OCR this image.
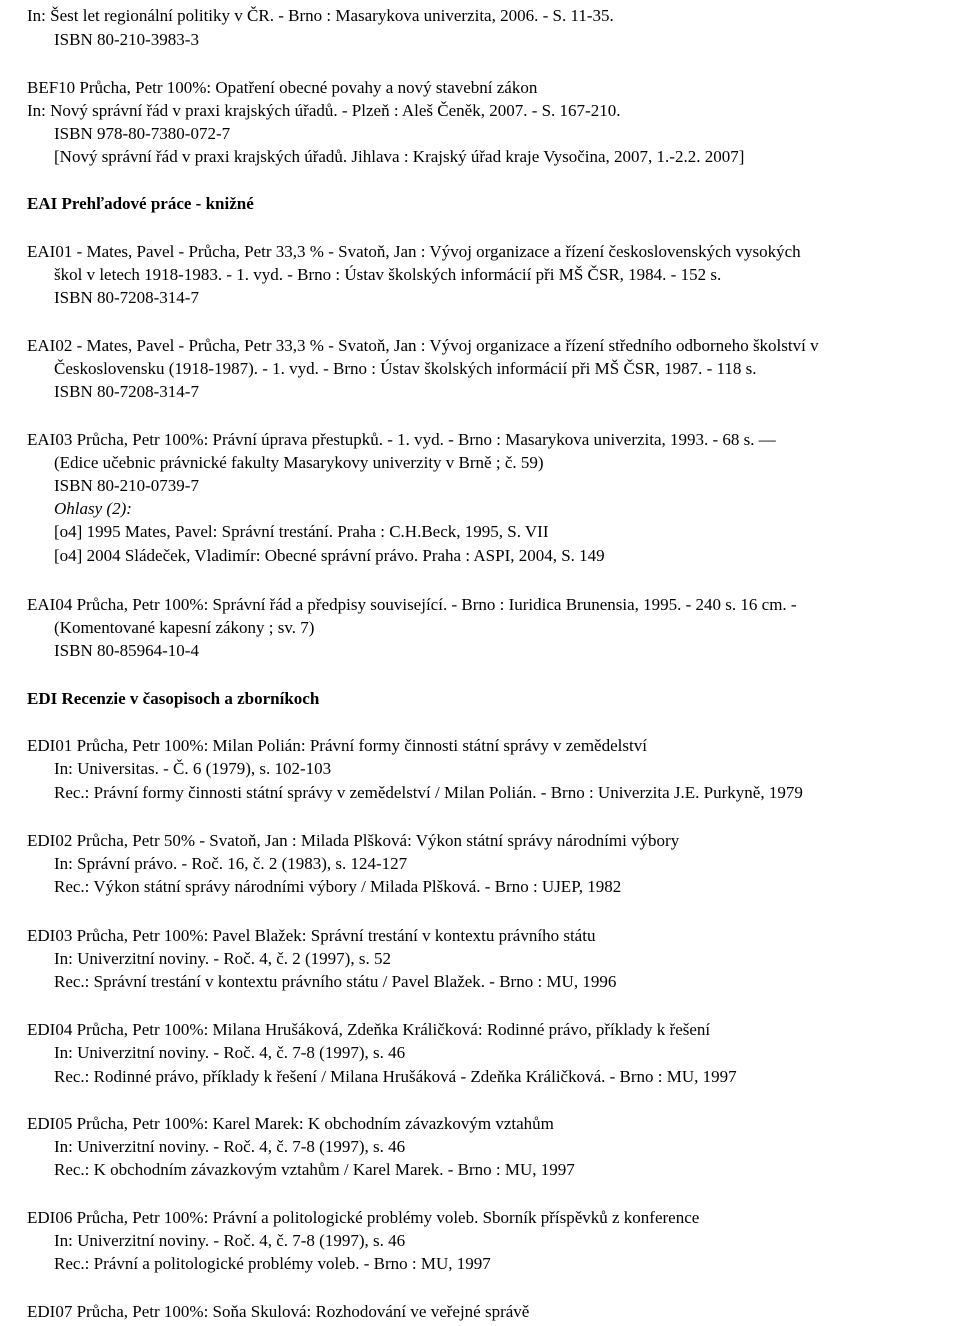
In: Šest let regionální politiky v ČR. - Brno : Masarykova univerzita, 2006. - S. 11-35.
ISBN 80-210-3983-3
BEF10 Průcha, Petr 100%: Opatření obecné povahy a nový stavební zákon
In: Nový správní řád v praxi krajských úřadů. - Plzeň : Aleš Čeněk, 2007. - S. 167-210.
ISBN 978-80-7380-072-7
[Nový správní řád v praxi krajských úřadů. Jihlava : Krajský úřad kraje Vysočina, 2007, 1.-2.2. 2007]
EAI Prehľadové práce - knižné
EAI01 - Mates, Pavel - Průcha, Petr 33,3 % - Svatoň, Jan : Vývoj organizace a řízení československých vysokých
škol v letech 1918-1983. - 1. vyd. - Brno : Ústav školských informácií při MŠ ČSR, 1984. - 152 s.
ISBN 80-7208-314-7
EAI02 - Mates, Pavel - Průcha, Petr 33,3 % - Svatoň, Jan : Vývoj organizace a řízení středního odborneho školství v
Československu (1918-1987). - 1. vyd. - Brno : Ústav školských informácií při MŠ ČSR, 1987. - 118 s.
ISBN 80-7208-314-7
EAI03 Průcha, Petr 100%: Právní úprava přestupků. - 1. vyd. - Brno : Masarykova univerzita, 1993. - 68 s. —
(Edice učebnic právnické fakulty Masarykovy univerzity v Brně ; č. 59)
ISBN 80-210-0739-7
Ohlasy (2):
[o4] 1995 Mates, Pavel: Správní trestání. Praha : C.H.Beck, 1995, S. VII
[o4] 2004 Sládeček, Vladimír: Obecné správní právo. Praha : ASPI, 2004, S. 149
EAI04 Průcha, Petr 100%: Správní řád a předpisy související. - Brno : Iuridica Brunensia, 1995. - 240 s. 16 cm. -
(Komentované kapesní zákony ; sv. 7)
ISBN 80-85964-10-4
EDI Recenzie v časopisoch a zborníkoch
EDI01 Průcha, Petr 100%: Milan Polián: Právní formy činnosti státní správy v zemědelství
In: Universitas. - Č. 6 (1979), s. 102-103
Rec.: Právní formy činnosti státní správy v zemědelství / Milan Polián. - Brno : Univerzita J.E. Purkyně, 1979
EDI02 Průcha, Petr 50% - Svatoň, Jan : Milada Plšková: Výkon státní správy národními výbory
In: Správní právo. - Roč. 16, č. 2 (1983), s. 124-127
Rec.: Výkon státní správy národními výbory / Milada Plšková. - Brno : UJEP, 1982
EDI03 Průcha, Petr 100%: Pavel Blažek: Správní trestání v kontextu právního státu
In: Univerzitní noviny. - Roč. 4, č. 2 (1997), s. 52
Rec.: Správní trestání v kontextu právního státu / Pavel Blažek. - Brno : MU, 1996
EDI04 Průcha, Petr 100%: Milana Hrušáková, Zdeňka Králičková: Rodinné právo, příklady k řešení
In: Univerzitní noviny. - Roč. 4, č. 7-8 (1997), s. 46
Rec.: Rodinné právo, příklady k řešení / Milana Hrušáková - Zdeňka Králičková. - Brno : MU, 1997
EDI05 Průcha, Petr 100%: Karel Marek: K obchodním závazkovým vztahům
In: Univerzitní noviny. - Roč. 4, č. 7-8 (1997), s. 46
Rec.: K obchodním závazkovým vztahům / Karel Marek. - Brno : MU, 1997
EDI06 Průcha, Petr 100%: Právní a politologické problémy voleb. Sborník příspěvků z konference
In: Univerzitní noviny. - Roč. 4, č. 7-8 (1997), s. 46
Rec.: Právní a politologické problémy voleb. - Brno : MU, 1997
EDI07 Průcha, Petr 100%: Soňa Skulová: Rozhodování ve veřejné správě
